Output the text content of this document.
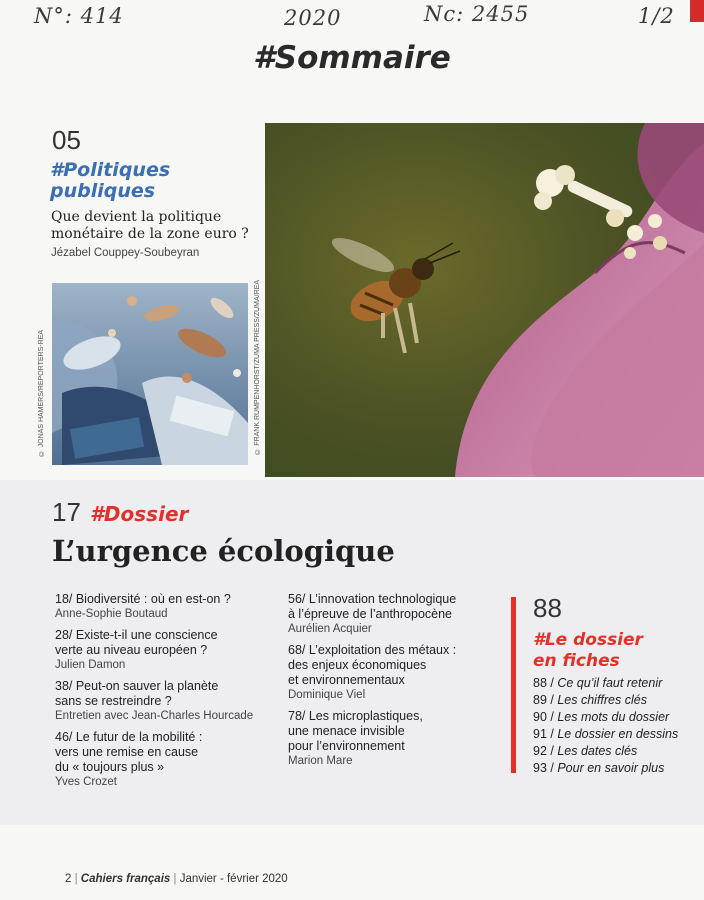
N°: 414	2020	Nc: 2455	1/2
#Sommaire
05
#Politiques
publiques
Que devient la politique
monétaire de la zone euro ?
Jézabel Couppey-Soubeyran
© JONAS HAMERS/REPORTERS-REA	© FRANK RUMPENHORST/ZUMA PRESS/ZUMA/REA
17 #Dossier
L’urgence écologique
18/ Biodiversité : où en est-on ?
Anne-Sophie Boutaud
28/ Existe-t-il une conscience
verte au niveau européen ?
Julien Damon
38/ Peut-on sauver la planète
sans se restreindre ?
Entretien avec Jean-Charles Hourcade
46/ Le futur de la mobilité :
vers une remise en cause
du « toujours plus »
Yves Crozet
56/ L’innovation technologique
à l’épreuve de l’anthropocène
Aurélien Acquier
68/ L’exploitation des métaux :
des enjeux économiques
et environnementaux
Dominique Viel
78/ Les microplastiques,
une menace invisible
pour l’environnement
Marion Mare
88
#Le dossier
en fiches
88 / Ce qu’il faut retenir
89 / Les chiffres clés
90 / Les mots du dossier
91 / Le dossier en dessins
92 / Les dates clés
93 / Pour en savoir plus
2 | Cahiers français | Janvier - février 2020
